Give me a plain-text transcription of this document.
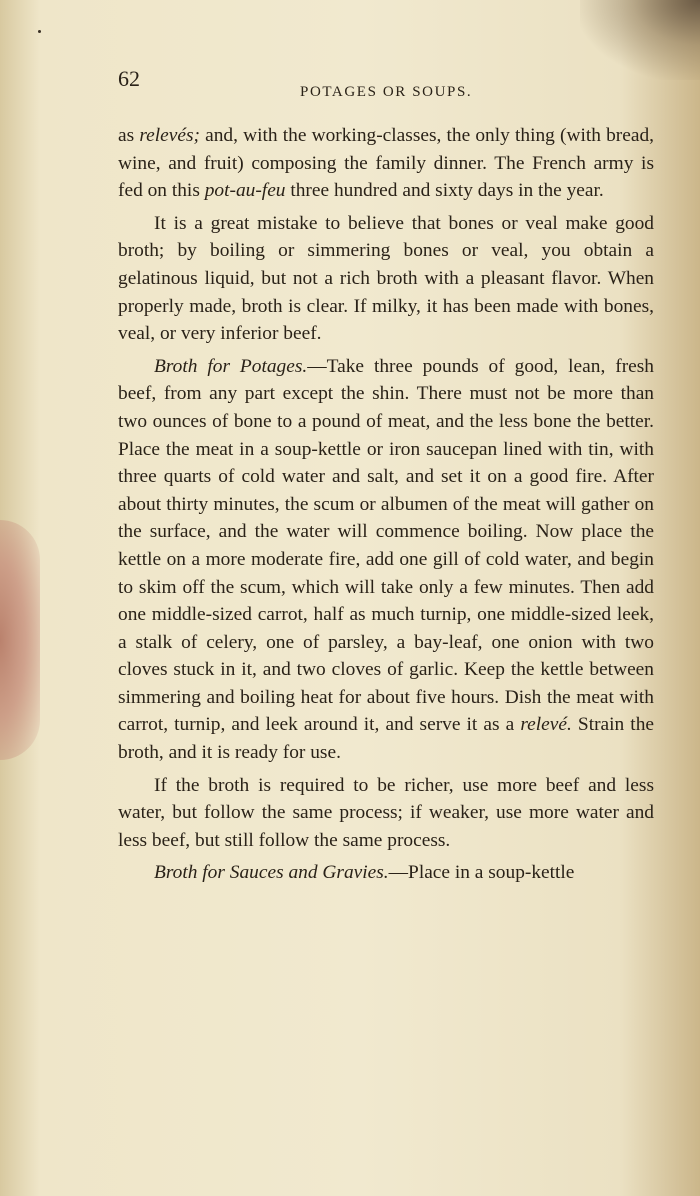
62
POTAGES OR SOUPS.

as relevés; and, with the working-classes, the only thing (with bread, wine, and fruit) composing the family dinner. The French army is fed on this pot-au-feu three hundred and sixty days in the year.

It is a great mistake to believe that bones or veal make good broth; by boiling or simmering bones or veal, you obtain a gelatinous liquid, but not a rich broth with a pleasant flavor. When properly made, broth is clear. If milky, it has been made with bones, veal, or very inferior beef.

Broth for Potages.—Take three pounds of good, lean, fresh beef, from any part except the shin. There must not be more than two ounces of bone to a pound of meat, and the less bone the better. Place the meat in a soup-kettle or iron saucepan lined with tin, with three quarts of cold water and salt, and set it on a good fire. After about thirty minutes, the scum or albumen of the meat will gather on the surface, and the water will commence boiling. Now place the kettle on a more moderate fire, add one gill of cold water, and begin to skim off the scum, which will take only a few minutes. Then add one middle-sized carrot, half as much turnip, one middle-sized leek, a stalk of celery, one of parsley, a bay-leaf, one onion with two cloves stuck in it, and two cloves of garlic. Keep the kettle between simmering and boiling heat for about five hours. Dish the meat with carrot, turnip, and leek around it, and serve it as a relevé. Strain the broth, and it is ready for use.

If the broth is required to be richer, use more beef and less water, but follow the same process; if weaker, use more water and less beef, but still follow the same process.

Broth for Sauces and Gravies.—Place in a soup-kettle
